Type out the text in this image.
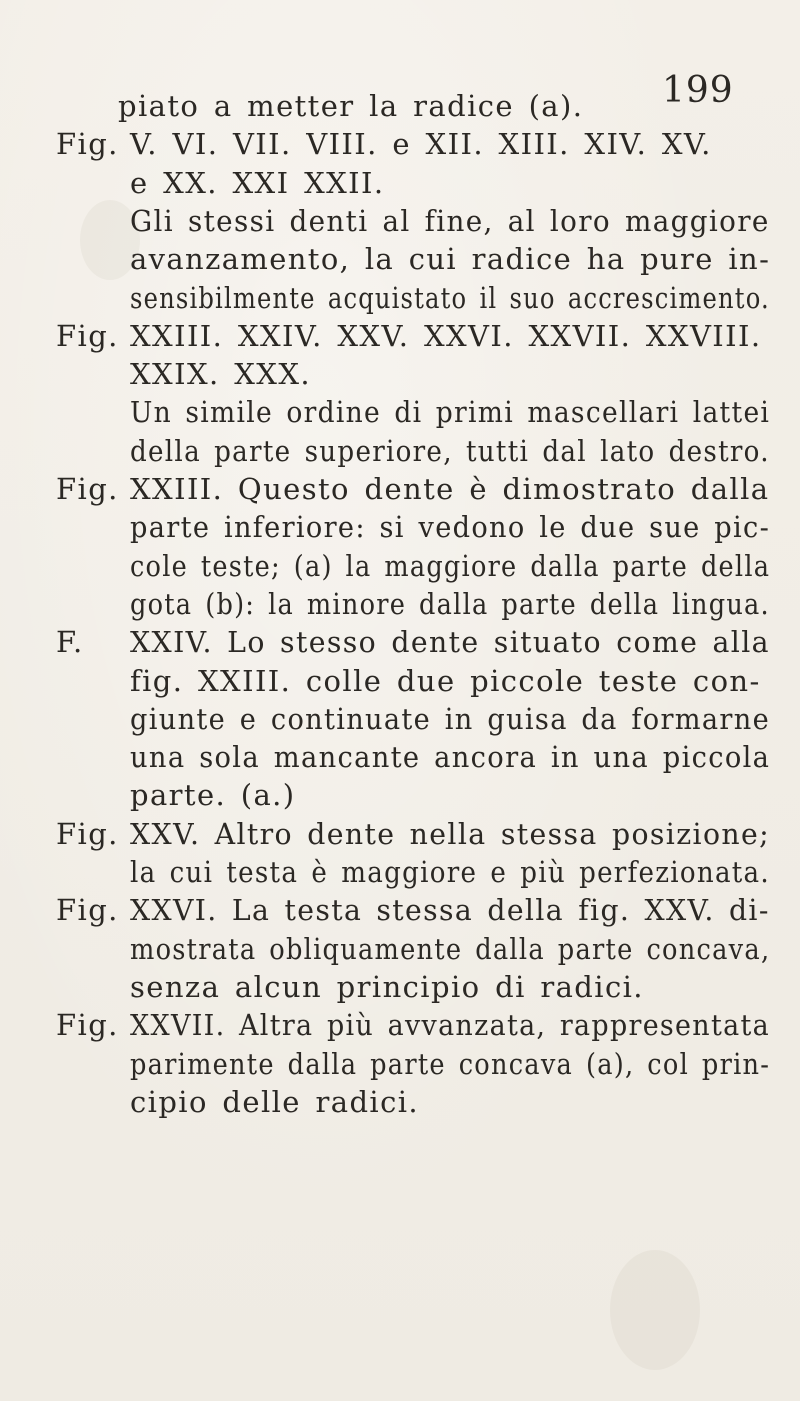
199
piato a metter la radice (a).
Fig. V. VI. VII. VIII. e XII. XIII. XIV. XV.
e XX. XXI XXII.
Gli stessi denti al fine, al loro maggiore
avanzamento, la cui radice ha pure in-
sensibilmente acquistato il suo accrescimento.
Fig. XXIII. XXIV. XXV. XXVI. XXVII. XXVIII.
XXIX. XXX.
Un simile ordine di primi mascellari lattei
della parte superiore, tutti dal lato destro.
Fig. XXIII. Questo dente è dimostrato dalla
parte inferiore: si vedono le due sue pic-
cole teste; (a) la maggiore dalla parte della
gota (b): la minore dalla parte della lingua.
F. XXIV. Lo stesso dente situato come alla
fig. XXIII. colle due piccole teste con-
giunte e continuate in guisa da formarne
una sola mancante ancora in una piccola
parte. (a.)
Fig. XXV. Altro dente nella stessa posizione;
la cui testa è maggiore e più perfezionata.
Fig. XXVI. La testa stessa della fig. XXV. di-
mostrata obliquamente dalla parte concava,
senza alcun principio di radici.
Fig. XXVII. Altra più avvanzata, rappresentata
parimente dalla parte concava (a), col prin-
cipio delle radici.
